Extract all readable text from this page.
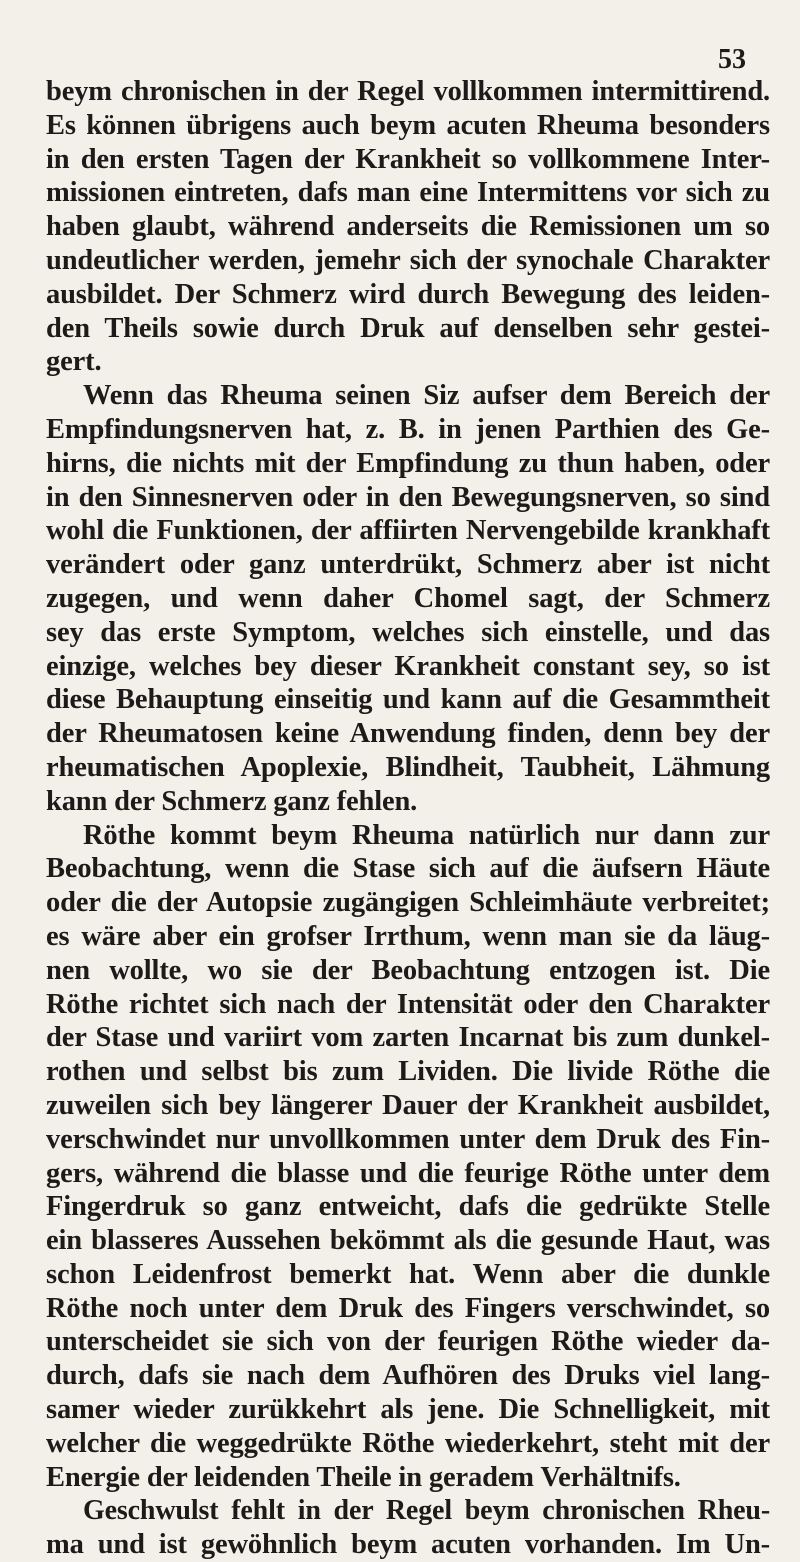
53
beym chronischen in der Regel vollkommen intermittirend.
Es können übrigens auch beym acuten Rheuma besonders
in den ersten Tagen der Krankheit so vollkommene Inter-
missionen eintreten, dafs man eine Intermittens vor sich zu
haben glaubt, während anderseits die Remissionen um so
undeutlicher werden, jemehr sich der synochale Charakter
ausbildet. Der Schmerz wird durch Bewegung des leiden-
den Theils sowie durch Druk auf denselben sehr gestei-
gert.
Wenn das Rheuma seinen Siz aufser dem Bereich der
Empfindungsnerven hat, z. B. in jenen Parthien des Ge-
hirns, die nichts mit der Empfindung zu thun haben, oder
in den Sinnesnerven oder in den Bewegungsnerven, so sind
wohl die Funktionen, der affiirten Nervengebilde krankhaft
verändert oder ganz unterdrükt, Schmerz aber ist nicht
zugegen, und wenn daher Chomel sagt, der Schmerz
sey das erste Symptom, welches sich einstelle, und das
einzige, welches bey dieser Krankheit constant sey, so ist
diese Behauptung einseitig und kann auf die Gesammtheit
der Rheumatosen keine Anwendung finden, denn bey der
rheumatischen Apoplexie, Blindheit, Taubheit, Lähmung
kann der Schmerz ganz fehlen.
Röthe kommt beym Rheuma natürlich nur dann zur
Beobachtung, wenn die Stase sich auf die äufsern Häute
oder die der Autopsie zugängigen Schleimhäute verbreitet;
es wäre aber ein grofser Irrthum, wenn man sie da läug-
nen wollte, wo sie der Beobachtung entzogen ist. Die
Röthe richtet sich nach der Intensität oder den Charakter
der Stase und variirt vom zarten Incarnat bis zum dunkel-
rothen und selbst bis zum Lividen. Die livide Röthe die
zuweilen sich bey längerer Dauer der Krankheit ausbildet,
verschwindet nur unvollkommen unter dem Druk des Fin-
gers, während die blasse und die feurige Röthe unter dem
Fingerdruk so ganz entweicht, dafs die gedrükte Stelle
ein blasseres Aussehen bekömmt als die gesunde Haut, was
schon Leidenfrost bemerkt hat. Wenn aber die dunkle
Röthe noch unter dem Druk des Fingers verschwindet, so
unterscheidet sie sich von der feurigen Röthe wieder da-
durch, dafs sie nach dem Aufhören des Druks viel lang-
samer wieder zurükkehrt als jene. Die Schnelligkeit, mit
welcher die weggedrükte Röthe wiederkehrt, steht mit der
Energie der leidenden Theile in geradem Verhältnifs.
Geschwulst fehlt in der Regel beym chronischen Rheu-
ma und ist gewöhnlich beym acuten vorhanden. Im Un-
